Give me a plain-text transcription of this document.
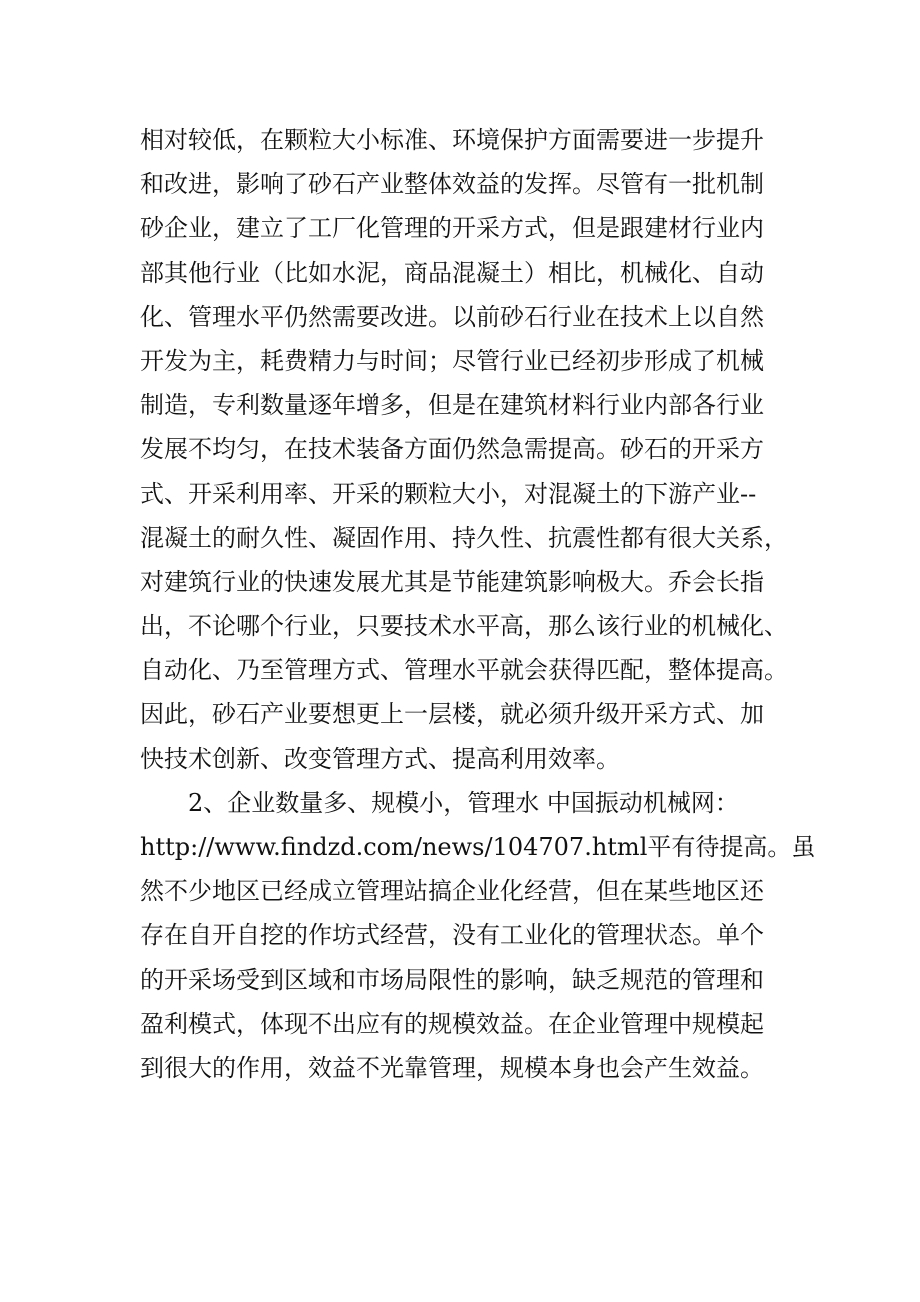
相对较低，在颗粒大小标准、环境保护方面需要进一步提升
和改进，影响了砂石产业整体效益的发挥。尽管有一批机制
砂企业，建立了工厂化管理的开采方式，但是跟建材行业内
部其他行业（比如水泥，商品混凝土）相比，机械化、自动
化、管理水平仍然需要改进。以前砂石行业在技术上以自然
开发为主，耗费精力与时间；尽管行业已经初步形成了机械
制造，专利数量逐年增多，但是在建筑材料行业内部各行业
发展不均匀，在技术装备方面仍然急需提高。砂石的开采方
式、开采利用率、开采的颗粒大小，对混凝土的下游产业--
混凝土的耐久性、凝固作用、持久性、抗震性都有很大关系，
对建筑行业的快速发展尤其是节能建筑影响极大。乔会长指
出，不论哪个行业，只要技术水平高，那么该行业的机械化、
自动化、乃至管理方式、管理水平就会获得匹配，整体提高。
因此，砂石产业要想更上一层楼，就必须升级开采方式、加
快技术创新、改变管理方式、提高利用效率。
2、企业数量多、规模小，管理水 中国振动机械网：
http://www.findzd.com/news/104707.html平有待提高。虽
然不少地区已经成立管理站搞企业化经营，但在某些地区还
存在自开自挖的作坊式经营，没有工业化的管理状态。单个
的开采场受到区域和市场局限性的影响，缺乏规范的管理和
盈利模式，体现不出应有的规模效益。在企业管理中规模起
到很大的作用，效益不光靠管理，规模本身也会产生效益。
